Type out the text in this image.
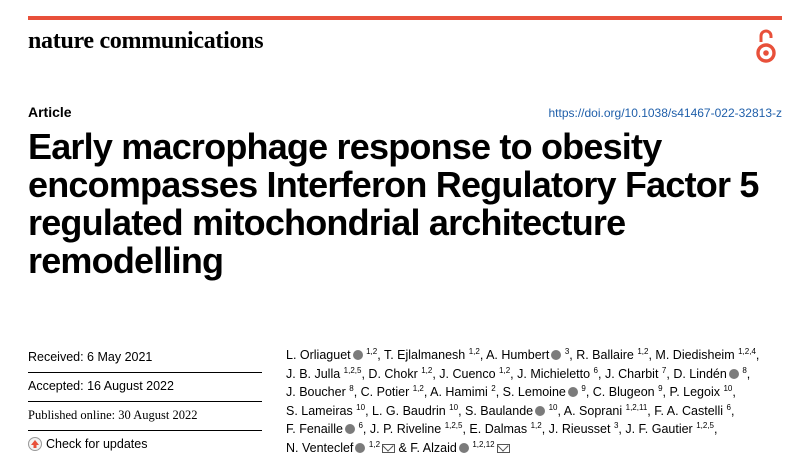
nature communications
Article	https://doi.org/10.1038/s41467-022-32813-z
Early macrophage response to obesity
encompasses Interferon Regulatory Factor 5
regulated mitochondrial architecture
remodelling
Received: 6 May 2021
Accepted: 16 August 2022
Published online: 30 August 2022
Check for updates

L. Orliaguet $^{1,2}$, T. Ejlalmanesh $^{1,2}$, A. Humbert $^3$, R. Ballaire $^{1,2}$, M. Diedisheim $^{1,2,4}$,
J. B. Julla $^{1,2,5}$, D. Chokr $^{1,2}$, J. Cuenco $^{1,2}$, J. Michieletto $^6$, J. Charbit $^7$, D. Lindén $^8$,
J. Boucher $^8$, C. Potier $^{1,2}$, A. Hamimi $^2$, S. Lemoine $^9$, C. Blugeon $^9$, P. Legoix $^{10}$,
S. Lameiras $^{10}$, L. G. Baudrin $^{10}$, S. Baulande $^{10}$, A. Soprani $^{1,2,11}$, F. A. Castelli $^6$,
F. Fenaille $^6$, J. P. Riveline $^{1,2,5}$, E. Dalmas $^{1,2}$, J. Rieusset $^3$, J. F. Gautier $^{1,2,5}$,
N. Venteclef $^{1,2}$ & F. Alzaid $^{1,2,12}$
